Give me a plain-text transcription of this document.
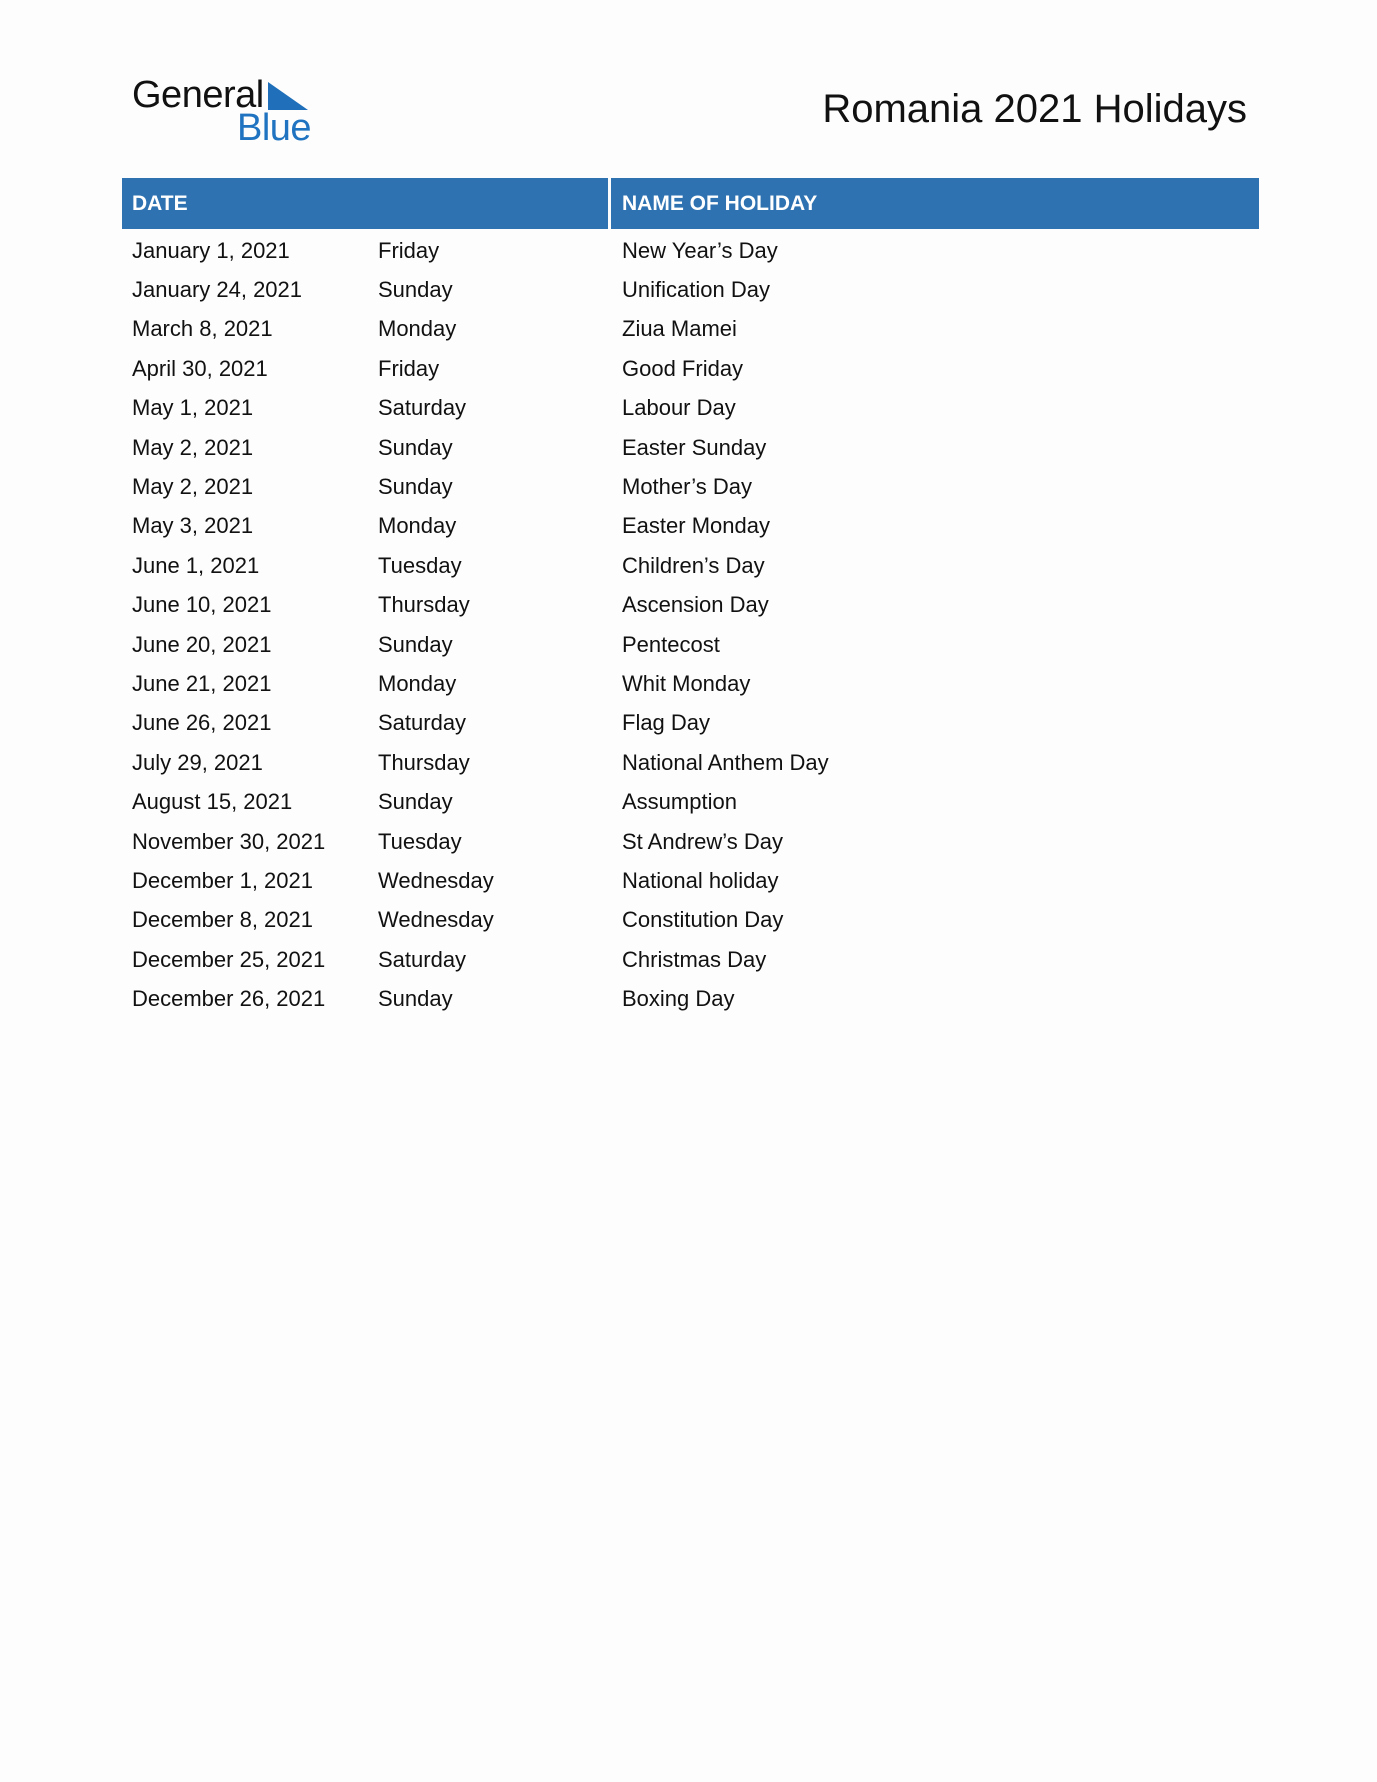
General
Blue	Romania 2021 Holidays
DATE	NAME OF HOLIDAY
January 1, 2021	Friday	New Year’s Day
January 24, 2021	Sunday	Unification Day
March 8, 2021	Monday	Ziua Mamei
April 30, 2021	Friday	Good Friday
May 1, 2021	Saturday	Labour Day
May 2, 2021	Sunday	Easter Sunday
May 2, 2021	Sunday	Mother’s Day
May 3, 2021	Monday	Easter Monday
June 1, 2021	Tuesday	Children’s Day
June 10, 2021	Thursday	Ascension Day
June 20, 2021	Sunday	Pentecost
June 21, 2021	Monday	Whit Monday
June 26, 2021	Saturday	Flag Day
July 29, 2021	Thursday	National Anthem Day
August 15, 2021	Sunday	Assumption
November 30, 2021	Tuesday	St Andrew’s Day
December 1, 2021	Wednesday	National holiday
December 8, 2021	Wednesday	Constitution Day
December 25, 2021	Saturday	Christmas Day
December 26, 2021	Sunday	Boxing Day
